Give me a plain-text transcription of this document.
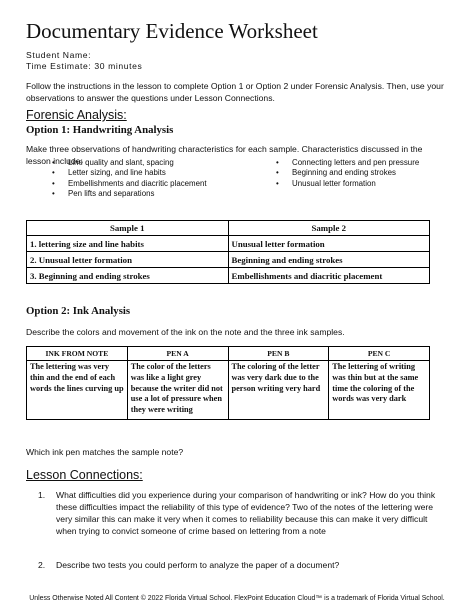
Documentary Evidence Worksheet
Student Name:
Time Estimate: 30 minutes
Follow the instructions in the lesson to complete Option 1 or Option 2 under Forensic Analysis. Then, use your observations to answer the questions under Lesson Connections.
Forensic Analysis:
Option 1: Handwriting Analysis
Make three observations of handwriting characteristics for each sample. Characteristics discussed in the lesson include:
• Line quality and slant, spacing
• Letter sizing, and line habits
• Embellishments and diacritic placement
• Pen lifts and separations
• Connecting letters and pen pressure
• Beginning and ending strokes
• Unusual letter formation
Sample 1	Sample 2
1. lettering size and line habits	Unusual letter formation
2. Unusual letter formation	Beginning and ending strokes
3. Beginning and ending strokes	Embellishments and diacritic placement
Option 2: Ink Analysis
Describe the colors and movement of the ink on the note and the three ink samples.
INK FROM NOTE	PEN A	PEN B	PEN C
The lettering was very thin and the end of each words the lines curving up	The color of the letters was like a light grey because the writer did not use a lot of pressure when they were writing	The coloring of the letter was very dark due to the person writing very hard	The lettering of writing was thin but at the same time the coloring of the words was very dark
Which ink pen matches the sample note?
Lesson Connections:
1. What difficulties did you experience during your comparison of handwriting or ink? How do you think these difficulties impact the reliability of this type of evidence? Two of the notes of the lettering were very similar this can make it very when it comes to reliability because this can make it very difficult when trying to convict someone of crime based on lettering from a note
2. Describe two tests you could perform to analyze the paper of a document?
Unless Otherwise Noted All Content © 2022 Florida Virtual School. FlexPoint Education Cloud™ is a trademark of Florida Virtual School.
